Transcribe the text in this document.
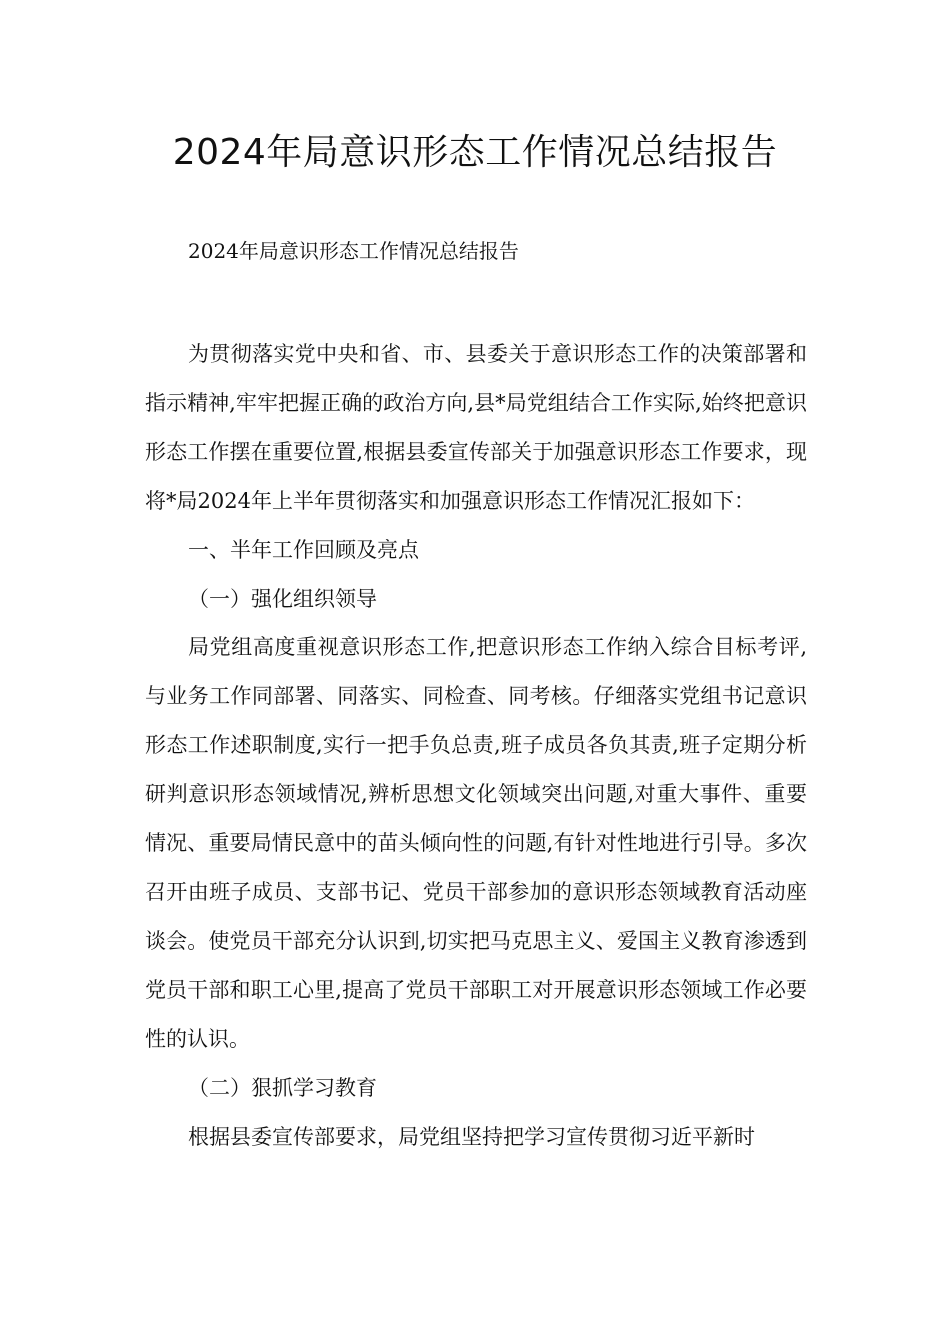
2024年局意识形态工作情况总结报告

2024年局意识形态工作情况总结报告

为贯彻落实党中央和省、市、县委关于意识形态工作的决策部署和指示精神,牢牢把握正确的政治方向,县*局党组结合工作实际,始终把意识形态工作摆在重要位置,根据县委宣传部关于加强意识形态工作要求，现将*局2024年上半年贯彻落实和加强意识形态工作情况汇报如下：

一、半年工作回顾及亮点

（一）强化组织领导

局党组高度重视意识形态工作,把意识形态工作纳入综合目标考评,与业务工作同部署、同落实、同检查、同考核。仔细落实党组书记意识形态工作述职制度,实行一把手负总责,班子成员各负其责,班子定期分析研判意识形态领域情况,辨析思想文化领域突出问题,对重大事件、重要情况、重要局情民意中的苗头倾向性的问题,有针对性地进行引导。多次召开由班子成员、支部书记、党员干部参加的意识形态领域教育活动座谈会。使党员干部充分认识到,切实把马克思主义、爱国主义教育渗透到党员干部和职工心里,提高了党员干部职工对开展意识形态领域工作必要性的认识。

（二）狠抓学习教育

根据县委宣传部要求，局党组坚持把学习宣传贯彻习近平新时
